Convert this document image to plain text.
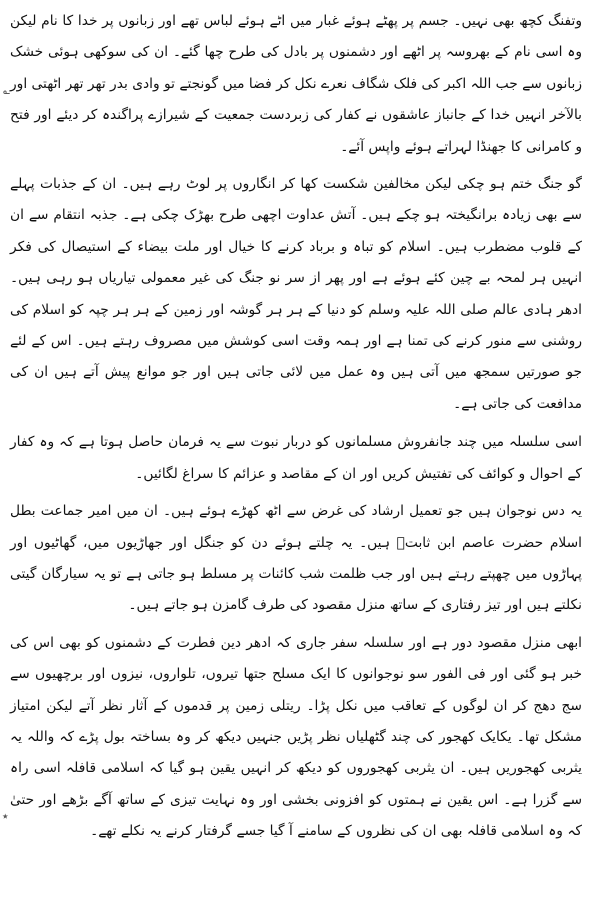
وتفنگ کچھ بھی نہیں۔ جسم پر پھٹے ہوئے غبار میں اٹے ہوئے لباس تھے اور زبانوں پر خدا کا نام لیکن وہ اسی نام کے بھروسہ پر اٹھے اور دشمنوں پر بادل کی طرح چھا گئے۔ ان کی سوکھی ہوئی خشک زبانوں سے جب اللہ اکبر کی فلک شگاف نعرے نکل کر فضا میں گونجتے تو وادی بدر تھر تھر اٹھتی اور بالآخر انہیں خدا کے جانباز عاشقوں نے کفار کی زبردست جمعیت کے شیرازے پراگندہ کر دیئے اور فتح و کامرانی کا جھنڈا لہراتے ہوئے واپس آئے۔

گو جنگ ختم ہو چکی لیکن مخالفین شکست کھا کر انگاروں پر لوٹ رہے ہیں۔ ان کے جذبات پہلے سے بھی زیادہ برانگیختہ ہو چکے ہیں۔ آتش عداوت اچھی طرح بھڑک چکی ہے۔ جذبہ انتقام سے ان کے قلوب مضطرب ہیں۔ اسلام کو تباہ و برباد کرنے کا خیال اور ملت بیضاء کے استیصال کی فکر انہیں ہر لمحہ بے چین کئے ہوئے ہے اور پھر از سر نو جنگ کی غیر معمولی تیاریاں ہو رہی ہیں۔ ادھر ہادی عالم صلی اللہ علیہ وسلم کو دنیا کے ہر ہر گوشہ اور زمین کے ہر ہر چپہ کو اسلام کی روشنی سے منور کرنے کی تمنا ہے اور ہمہ وقت اسی کوشش میں مصروف رہتے ہیں۔ اس کے لئے جو صورتیں سمجھ میں آتی ہیں وہ عمل میں لائی جاتی ہیں اور جو موانع پیش آتے ہیں ان کی مدافعت کی جاتی ہے۔

اسی سلسلہ میں چند جانفروش مسلمانوں کو دربار نبوت سے یہ فرمان حاصل ہوتا ہے کہ وہ کفار کے احوال و کوائف کی تفتیش کریں اور ان کے مقاصد و عزائم کا سراغ لگائیں۔

یہ دس نوجوان ہیں جو تعمیل ارشاد کی غرض سے اٹھ کھڑے ہوئے ہیں۔ ان میں امیر جماعت بطل اسلام حضرت عاصم ابن ثابتؓ ہیں۔ یہ چلتے ہوئے دن کو جنگل اور جھاڑیوں میں، گھاٹیوں اور پہاڑوں میں چھپتے رہتے ہیں اور جب ظلمت شب کائنات پر مسلط ہو جاتی ہے تو یہ سیارگان گیتی نکلتے ہیں اور تیز رفتاری کے ساتھ منزل مقصود کی طرف گامزن ہو جاتے ہیں۔

ابھی منزل مقصود دور ہے اور سلسلہ سفر جاری کہ ادھر دین فطرت کے دشمنوں کو بھی اس کی خبر ہو گئی اور فی الفور سو نوجوانوں کا ایک مسلح جتھا تیروں، تلواروں، نیزوں اور برچھیوں سے سج دھج کر ان لوگوں کے تعاقب میں نکل پڑا۔ ریتلی زمین پر قدموں کے آثار نظر آتے لیکن امتیاز مشکل تھا۔ یکایک کھجور کی چند گٹھلیاں نظر پڑیں جنہیں دیکھ کر وہ بساختہ بول پڑے کہ واللہ یہ یثربی کھجوریں ہیں۔ ان یثربی کھجوروں کو دیکھ کر انہیں یقین ہو گیا کہ اسلامی قافلہ اسی راہ سے گزرا ہے۔ اس یقین نے ہمتوں کو افزونی بخشی اور وہ نہایت تیزی کے ساتھ آگے بڑھے اور حتیٰ کہ وہ اسلامی قافلہ بھی ان کی نظروں کے سامنے آ گیا جسے گرفتار کرنے یہ نکلے تھے۔

؎
٭
